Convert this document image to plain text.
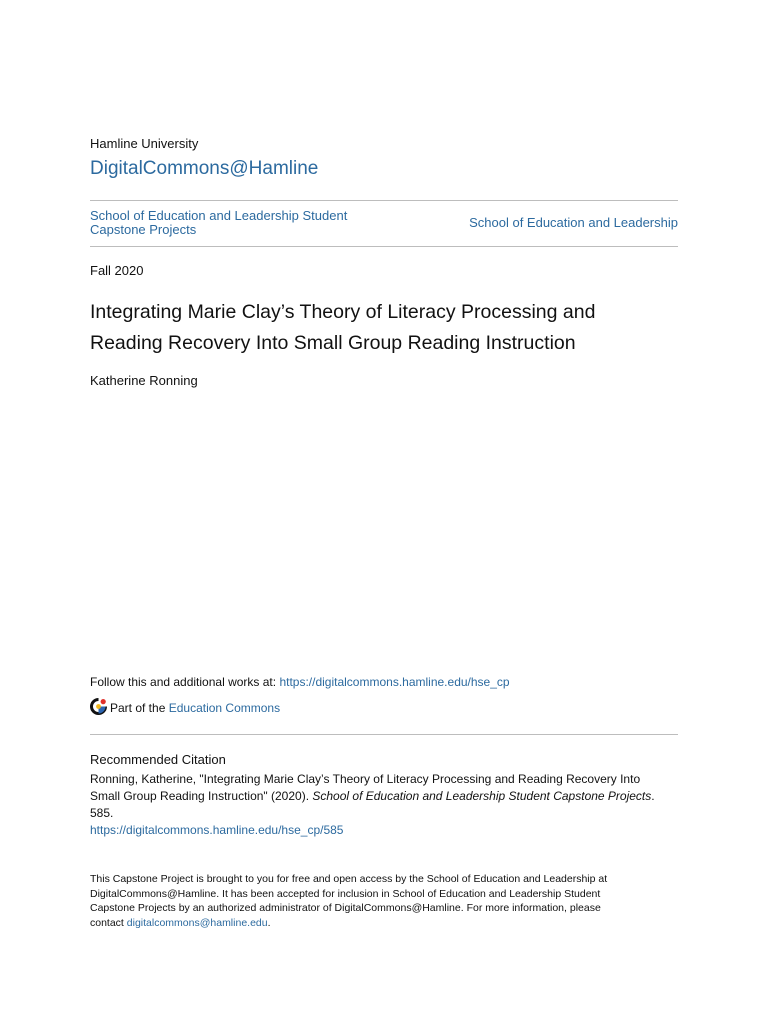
Hamline University
DigitalCommons@Hamline
School of Education and Leadership Student
Capstone Projects	School of Education and Leadership
Fall 2020
Integrating Marie Clay’s Theory of Literacy Processing and
Reading Recovery Into Small Group Reading Instruction
Katherine Ronning
Follow this and additional works at: https://digitalcommons.hamline.edu/hse_cp
Part of the
Education Commons
Recommended Citation
Ronning, Katherine, "Integrating Marie Clay’s Theory of Literacy Processing and Reading Recovery Into
Small Group Reading Instruction" (2020). School of Education and Leadership Student Capstone Projects.
585.
https://digitalcommons.hamline.edu/hse_cp/585
This Capstone Project is brought to you for free and open access by the School of Education and Leadership at
DigitalCommons@Hamline. It has been accepted for inclusion in School of Education and Leadership Student
Capstone Projects by an authorized administrator of DigitalCommons@Hamline. For more information, please
contact digitalcommons@hamline.edu.
